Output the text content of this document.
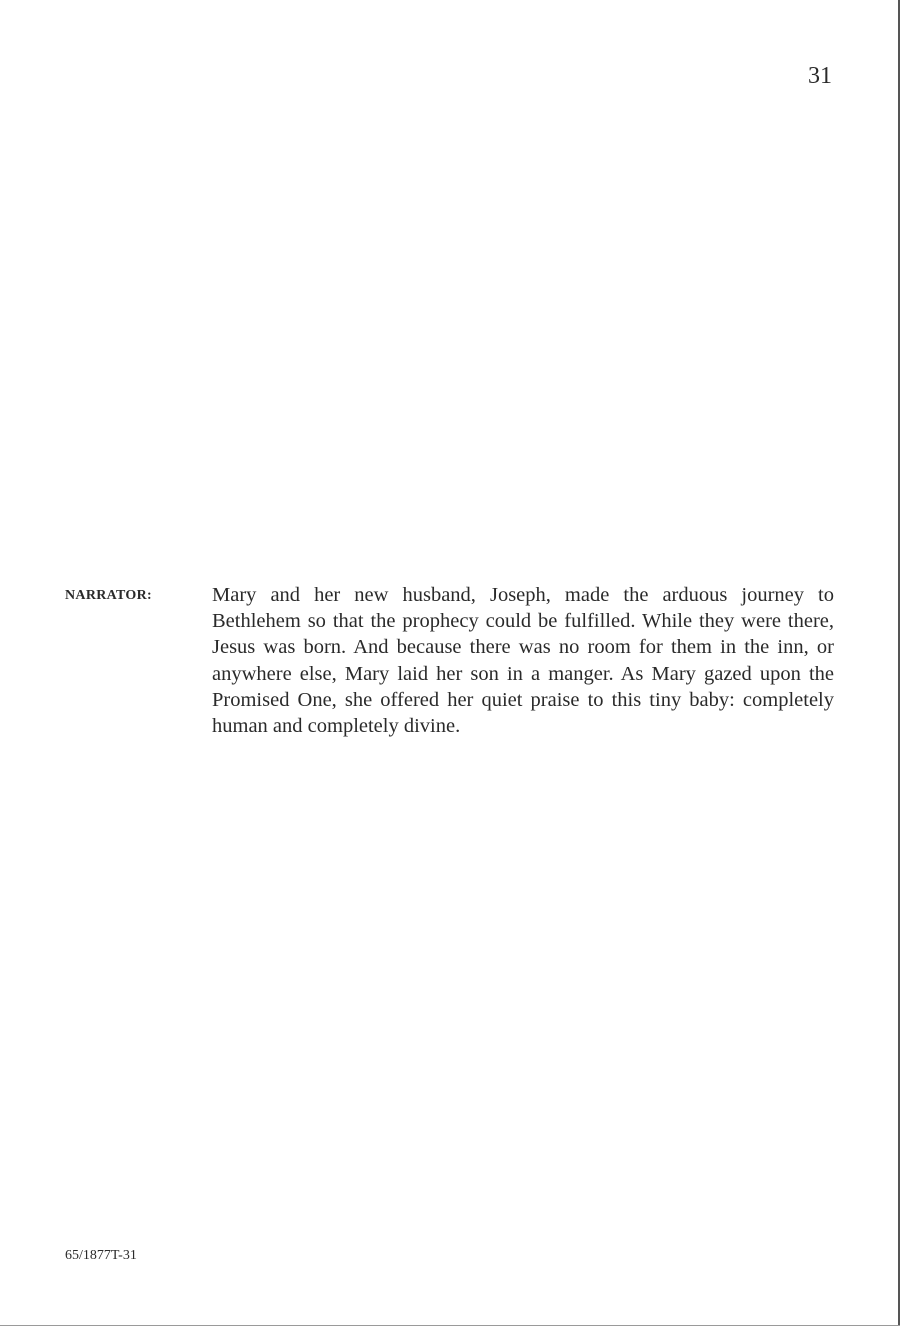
31
NARRATOR:	Mary and her new husband, Joseph, made the arduous journey to Bethlehem so that the prophecy could be fulfilled. While they were there, Jesus was born. And because there was no room for them in the inn, or anywhere else, Mary laid her son in a manger. As Mary gazed upon the Promised One, she offered her quiet praise to this tiny baby: completely human and completely divine.

65/1877T-31
